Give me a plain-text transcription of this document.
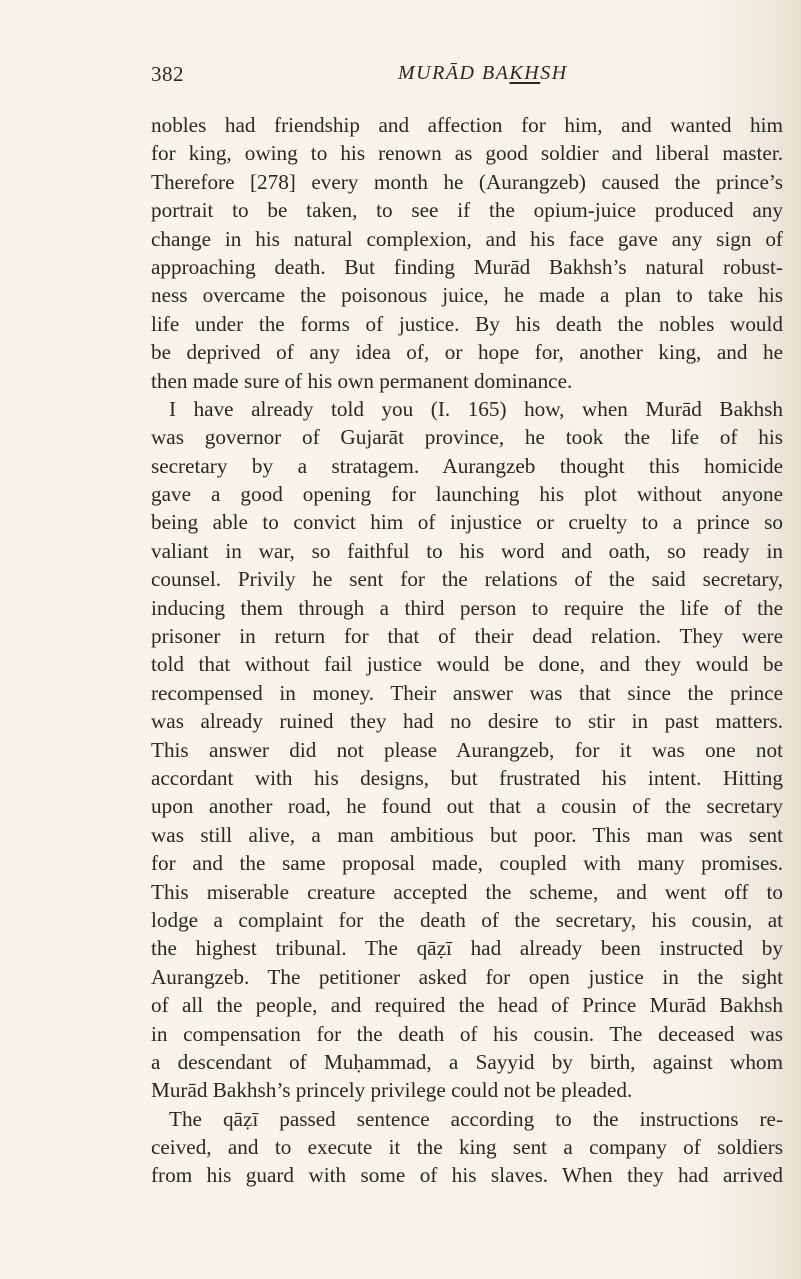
382	MURĀD BAKHSH
nobles had friendship and affection for him, and wanted him
for king, owing to his renown as good soldier and liberal master.
Therefore [278] every month he (Aurangzeb) caused the prince’s
portrait to be taken, to see if the opium-juice produced any
change in his natural complexion, and his face gave any sign of
approaching death. But finding Murād Bakhsh’s natural robust-
ness overcame the poisonous juice, he made a plan to take his
life under the forms of justice. By his death the nobles would
be deprived of any idea of, or hope for, another king, and he
then made sure of his own permanent dominance.
I have already told you (I. 165) how, when Murād Bakhsh
was governor of Gujarāt province, he took the life of his
secretary by a stratagem. Aurangzeb thought this homicide
gave a good opening for launching his plot without anyone
being able to convict him of injustice or cruelty to a prince so
valiant in war, so faithful to his word and oath, so ready in
counsel. Privily he sent for the relations of the said secretary,
inducing them through a third person to require the life of the
prisoner in return for that of their dead relation. They were
told that without fail justice would be done, and they would be
recompensed in money. Their answer was that since the prince
was already ruined they had no desire to stir in past matters.
This answer did not please Aurangzeb, for it was one not
accordant with his designs, but frustrated his intent. Hitting
upon another road, he found out that a cousin of the secretary
was still alive, a man ambitious but poor. This man was sent
for and the same proposal made, coupled with many promises.
This miserable creature accepted the scheme, and went off to
lodge a complaint for the death of the secretary, his cousin, at
the highest tribunal. The qāẓī had already been instructed by
Aurangzeb. The petitioner asked for open justice in the sight
of all the people, and required the head of Prince Murād Bakhsh
in compensation for the death of his cousin. The deceased was
a descendant of Muḥammad, a Sayyid by birth, against whom
Murād Bakhsh’s princely privilege could not be pleaded.
The qāẓī passed sentence according to the instructions re-
ceived, and to execute it the king sent a company of soldiers
from his guard with some of his slaves. When they had arrived
